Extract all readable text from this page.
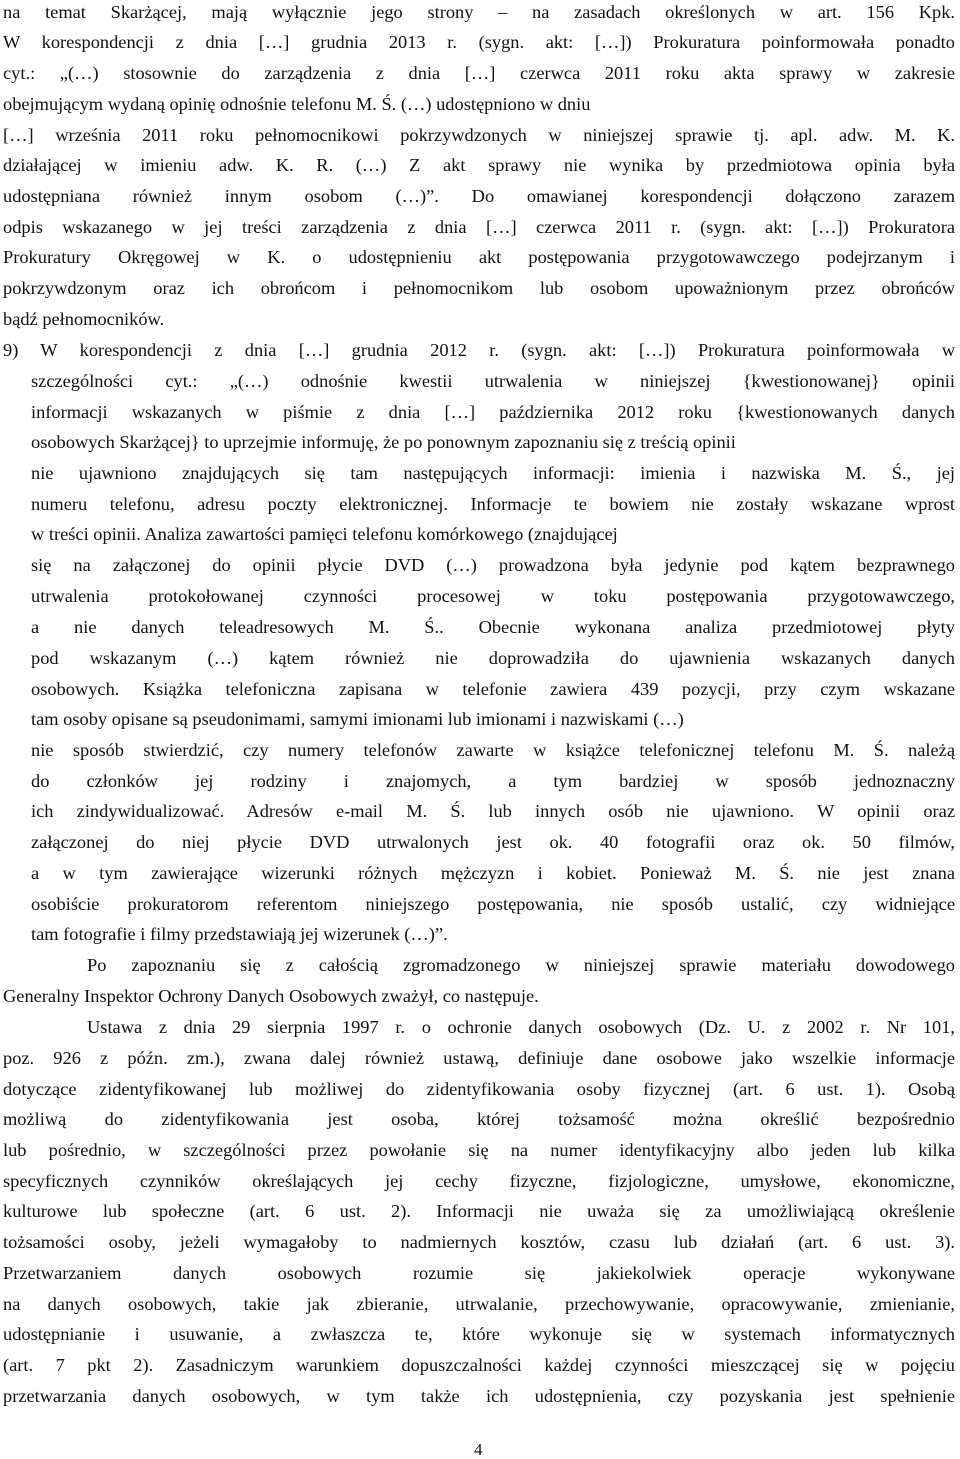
na temat Skarżącej, mają wyłącznie jego strony – na zasadach określonych w art. 156 Kpk.
W korespondencji z dnia […] grudnia 2013 r. (sygn. akt: […]) Prokuratura poinformowała ponadto
cyt.: „(…) stosownie do zarządzenia z dnia […] czerwca 2011 roku akta sprawy w zakresie
obejmującym wydaną opinię odnośnie telefonu M. Ś. (…) udostępniono w dniu
[…] września 2011 roku pełnomocnikowi pokrzywdzonych w niniejszej sprawie tj. apl. adw. M. K.
działającej w imieniu adw. K. R. (…) Z akt sprawy nie wynika by przedmiotowa opinia była
udostępniana również innym osobom (…)”. Do omawianej korespondencji dołączono zarazem
odpis wskazanego w jej treści zarządzenia z dnia […] czerwca 2011 r. (sygn. akt: […]) Prokuratora
Prokuratury Okręgowej w K. o udostępnieniu akt postępowania przygotowawczego podejrzanym i
pokrzywdzonym oraz ich obrońcom i pełnomocnikom lub osobom upoważnionym przez obrońców
bądź pełnomocników.
9) W korespondencji z dnia […] grudnia 2012 r. (sygn. akt: […]) Prokuratura poinformowała w
szczególności cyt.: „(…) odnośnie kwestii utrwalenia w niniejszej {kwestionowanej} opinii
informacji wskazanych w piśmie z dnia […] października 2012 roku {kwestionowanych danych
osobowych Skarżącej} to uprzejmie informuję, że po ponownym zapoznaniu się z treścią opinii
nie ujawniono znajdujących się tam następujących informacji: imienia i nazwiska M. Ś., jej
numeru telefonu, adresu poczty elektronicznej. Informacje te bowiem nie zostały wskazane wprost
w treści opinii. Analiza zawartości pamięci telefonu komórkowego (znajdującej
się na załączonej do opinii płycie DVD (…) prowadzona była jedynie pod kątem bezprawnego
utrwalenia protokołowanej czynności procesowej w toku postępowania przygotowawczego,
a nie danych teleadresowych M. Ś.. Obecnie wykonana analiza przedmiotowej płyty
pod wskazanym (…) kątem również nie doprowadziła do ujawnienia wskazanych danych
osobowych. Książka telefoniczna zapisana w telefonie zawiera 439 pozycji, przy czym wskazane
tam osoby opisane są pseudonimami, samymi imionami lub imionami i nazwiskami (…)
nie sposób stwierdzić, czy numery telefonów zawarte w książce telefonicznej telefonu M. Ś. należą
do członków jej rodziny i znajomych, a tym bardziej w sposób jednoznaczny
ich zindywidualizować. Adresów e-mail M. Ś. lub innych osób nie ujawniono. W opinii oraz
załączonej do niej płycie DVD utrwalonych jest ok. 40 fotografii oraz ok. 50 filmów,
a w tym zawierające wizerunki różnych mężczyzn i kobiet. Ponieważ M. Ś. nie jest znana
osobiście prokuratorom referentom niniejszego postępowania, nie sposób ustalić, czy widniejące
tam fotografie i filmy przedstawiają jej wizerunek (…)”.
Po zapoznaniu się z całością zgromadzonego w niniejszej sprawie materiału dowodowego
Generalny Inspektor Ochrony Danych Osobowych zważył, co następuje.
Ustawa z dnia 29 sierpnia 1997 r. o ochronie danych osobowych (Dz. U. z 2002 r. Nr 101,
poz. 926 z późn. zm.), zwana dalej również ustawą, definiuje dane osobowe jako wszelkie informacje
dotyczące zidentyfikowanej lub możliwej do zidentyfikowania osoby fizycznej (art. 6 ust. 1). Osobą
możliwą do zidentyfikowania jest osoba, której tożsamość można określić bezpośrednio
lub pośrednio, w szczególności przez powołanie się na numer identyfikacyjny albo jeden lub kilka
specyficznych czynników określających jej cechy fizyczne, fizjologiczne, umysłowe, ekonomiczne,
kulturowe lub społeczne (art. 6 ust. 2). Informacji nie uważa się za umożliwiającą określenie
tożsamości osoby, jeżeli wymagałoby to nadmiernych kosztów, czasu lub działań (art. 6 ust. 3).
Przetwarzaniem danych osobowych rozumie się jakiekolwiek operacje wykonywane
na danych osobowych, takie jak zbieranie, utrwalanie, przechowywanie, opracowywanie, zmienianie,
udostępnianie i usuwanie, a zwłaszcza te, które wykonuje się w systemach informatycznych
(art. 7 pkt 2). Zasadniczym warunkiem dopuszczalności każdej czynności mieszczącej się w pojęciu
przetwarzania danych osobowych, w tym także ich udostępnienia, czy pozyskania jest spełnienie
4
